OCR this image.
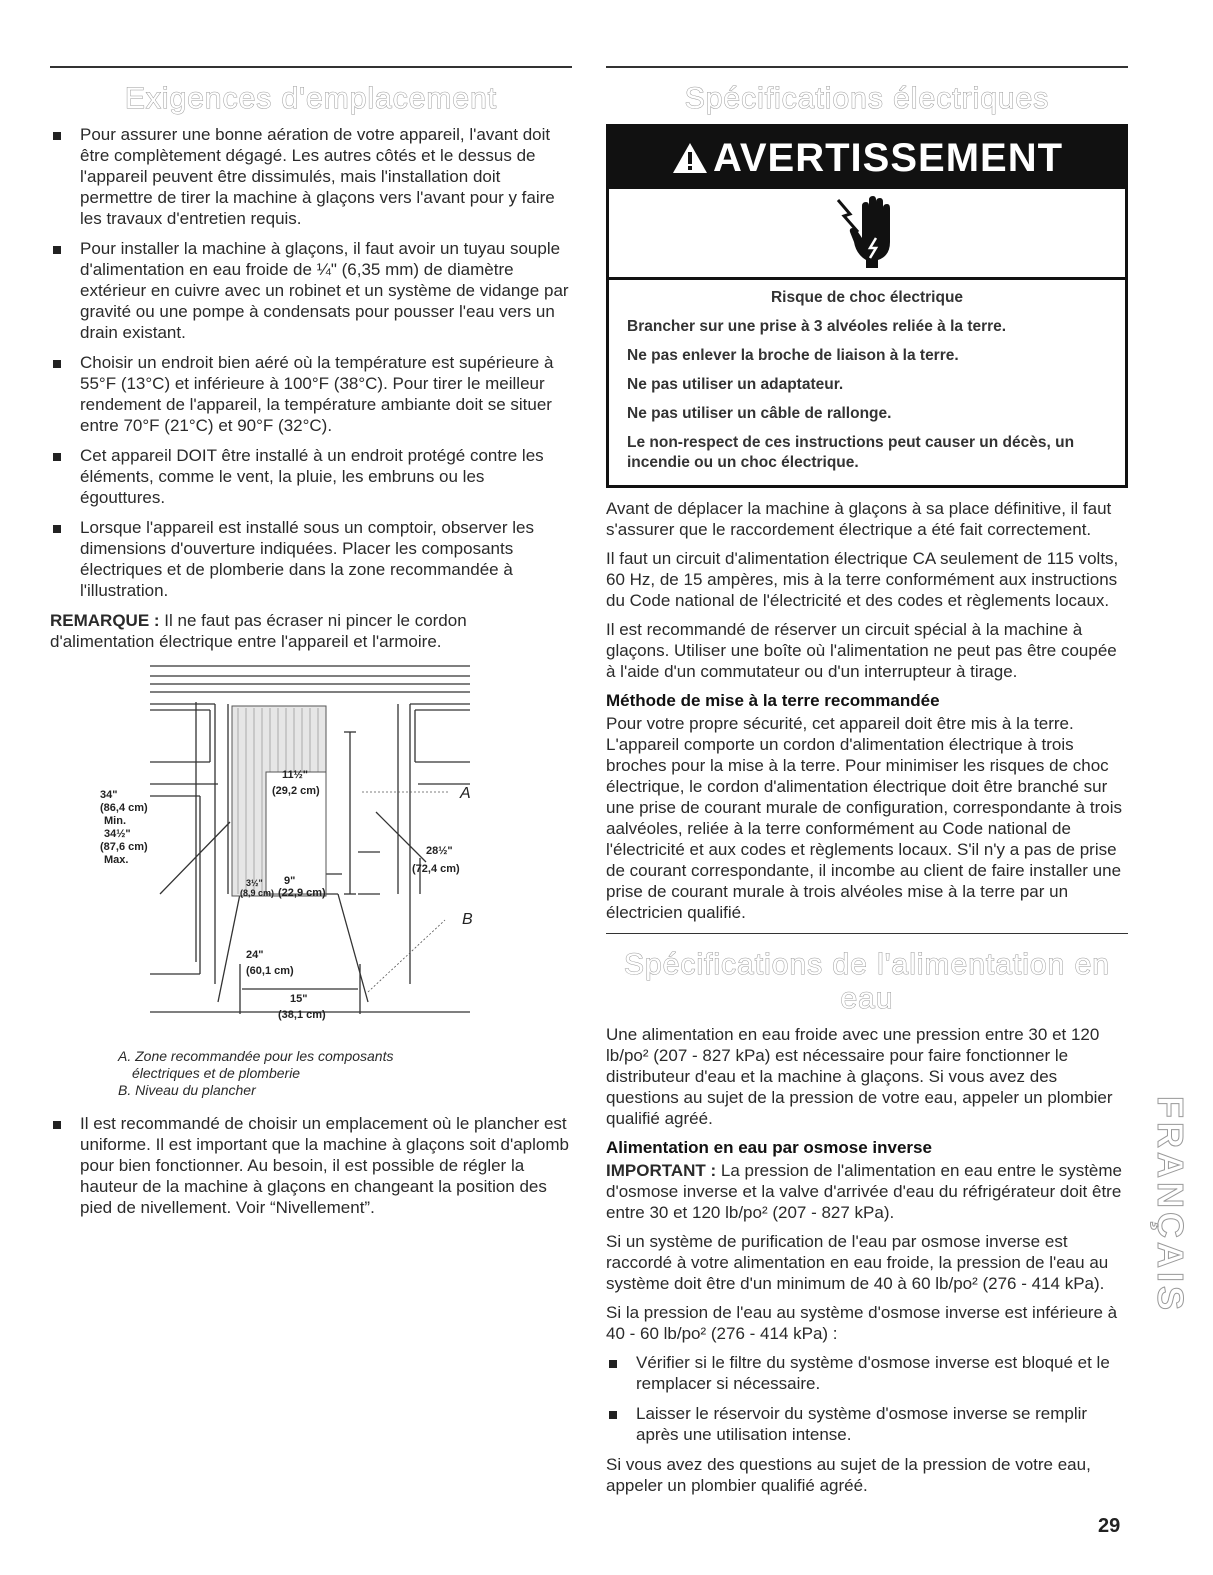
Exigences d'emplacement
Pour assurer une bonne aération de votre appareil, l'avant doit être complètement dégagé. Les autres côtés et le dessus de l'appareil peuvent être dissimulés, mais l'installation doit permettre de tirer la machine à glaçons vers l'avant pour y faire les travaux d'entretien requis.
Pour installer la machine à glaçons, il faut avoir un tuyau souple d'alimentation en eau froide de ¼" (6,35 mm) de diamètre extérieur en cuivre avec un robinet et un système de vidange par gravité ou une pompe à condensats pour pousser l'eau vers un drain existant.
Choisir un endroit bien aéré où la température est supérieure à 55°F (13°C) et inférieure à 100°F (38°C). Pour tirer le meilleur rendement de l'appareil, la température ambiante doit se situer entre 70°F (21°C) et 90°F (32°C).
Cet appareil DOIT être installé à un endroit protégé contre les éléments, comme le vent, la pluie, les embruns ou les égouttures.
Lorsque l'appareil est installé sous un comptoir, observer les dimensions d'ouverture indiquées. Placer les composants électriques et de plomberie dans la zone recommandée à l'illustration.

REMARQUE : Il ne faut pas écraser ni pincer le cordon d'alimentation électrique entre l'appareil et l'armoire.

34"
(86,4 cm)
Min.
34½"
(87,6 cm)
Max.
11½"
(29,2 cm)
3½"
(8,9 cm)
9"
(22,9 cm)
28½"
(72,4 cm)
24"
(60,1 cm)
15"
(38,1 cm)
A
B

A. Zone recommandée pour les composants

électriques et de plomberie

B. Niveau du plancher

Il est recommandé de choisir un emplacement où le plancher est uniforme. Il est important que la machine à glaçons soit d'aplomb pour bien fonctionner. Au besoin, il est possible de régler la hauteur de la machine à glaçons en changeant la position des pied de nivellement. Voir “Nivellement”.
Spécifications électriques
AVERTISSEMENT
Risque de choc électrique
Brancher sur une prise à 3 alvéoles reliée à la terre.
Ne pas enlever la broche de liaison à la terre.
Ne pas utiliser un adaptateur.
Ne pas utiliser un câble de rallonge.
Le non-respect de ces instructions peut causer un décès, un incendie ou un choc électrique.

Avant de déplacer la machine à glaçons à sa place définitive, il faut s'assurer que le raccordement électrique a été fait correctement.

Il faut un circuit d'alimentation électrique CA seulement de 115 volts, 60 Hz, de 15 ampères, mis à la terre conformément aux instructions du Code national de l'électricité et des codes et règlements locaux.

Il est recommandé de réserver un circuit spécial à la machine à glaçons. Utiliser une boîte où l'alimentation ne peut pas être coupée à l'aide d'un commutateur ou d'un interrupteur à tirage.

Méthode de mise à la terre recommandée

Pour votre propre sécurité, cet appareil doit être mis à la terre. L'appareil comporte un cordon d'alimentation électrique à trois broches pour la mise à la terre. Pour minimiser les risques de choc électrique, le cordon d'alimentation électrique doit être branché sur une prise de courant murale de configuration, correspondante à trois aalvéoles, reliée à la terre conformément au Code national de l'électricité et aux codes et règlements locaux. S'il n'y a pas de prise de courant correspondante, il incombe au client de faire installer une prise de courant murale à trois alvéoles mise à la terre par un électricien qualifié.

Spécifications de l'alimentation en eau

Une alimentation en eau froide avec une pression entre 30 et 120 lb/po² (207 - 827 kPa) est nécessaire pour faire fonctionner le distributeur d'eau et la machine à glaçons. Si vous avez des questions au sujet de la pression de votre eau, appeler un plombier qualifié agréé.

Alimentation en eau par osmose inverse

IMPORTANT : La pression de l'alimentation en eau entre le système d'osmose inverse et la valve d'arrivée d'eau du réfrigérateur doit être entre 30 et 120 lb/po² (207 - 827 kPa).

Si un système de purification de l'eau par osmose inverse est raccordé à votre alimentation en eau froide, la pression de l'eau au système doit être d'un minimum de 40 à 60 lb/po² (276 - 414 kPa).

Si la pression de l'eau au système d'osmose inverse est inférieure à 40 - 60 lb/po² (276 - 414 kPa) :

Vérifier si le filtre du système d'osmose inverse est bloqué et le remplacer si nécessaire.
Laisser le réservoir du système d'osmose inverse se remplir après une utilisation intense.

Si vous avez des questions au sujet de la pression de votre eau, appeler un plombier qualifié agréé.

FRANÇAIS
29
